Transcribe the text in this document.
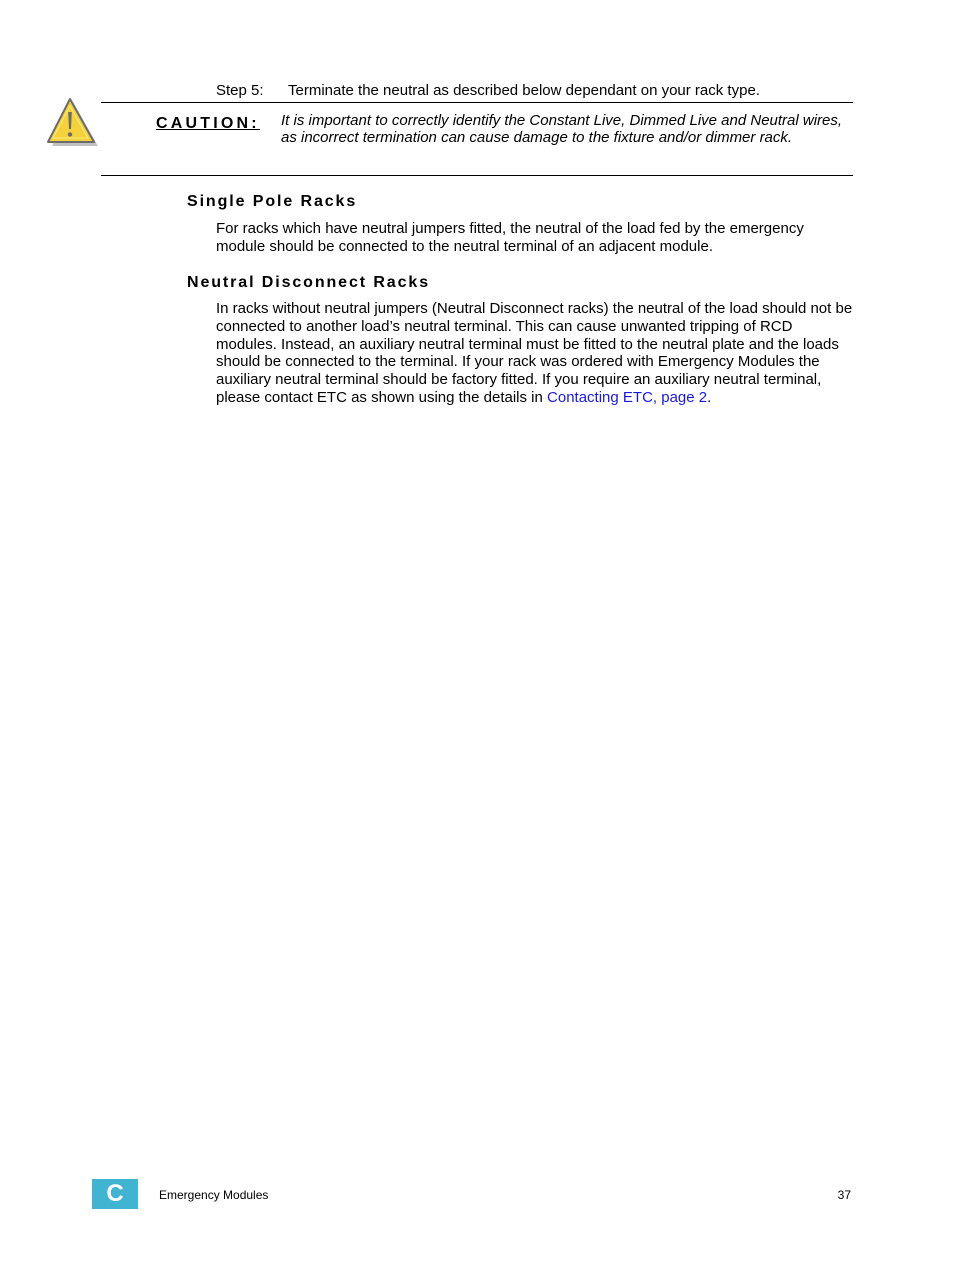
Step 5: Terminate the neutral as described below dependant on your rack type.
CAUTION: It is important to correctly identify the Constant Live, Dimmed Live and Neutral wires, as incorrect termination can cause damage to the fixture and/or dimmer rack.
Single Pole Racks
For racks which have neutral jumpers fitted, the neutral of the load fed by the emergency module should be connected to the neutral terminal of an adjacent module.
Neutral Disconnect Racks
In racks without neutral jumpers (Neutral Disconnect racks) the neutral of the load should not be connected to another load’s neutral terminal. This can cause unwanted tripping of RCD modules. Instead, an auxiliary neutral terminal must be fitted to the neutral plate and the loads should be connected to the terminal. If your rack was ordered with Emergency Modules the auxiliary neutral terminal should be factory fitted. If you require an auxiliary neutral terminal, please contact ETC as shown using the details in Contacting ETC, page 2.
C	Emergency Modules	37
